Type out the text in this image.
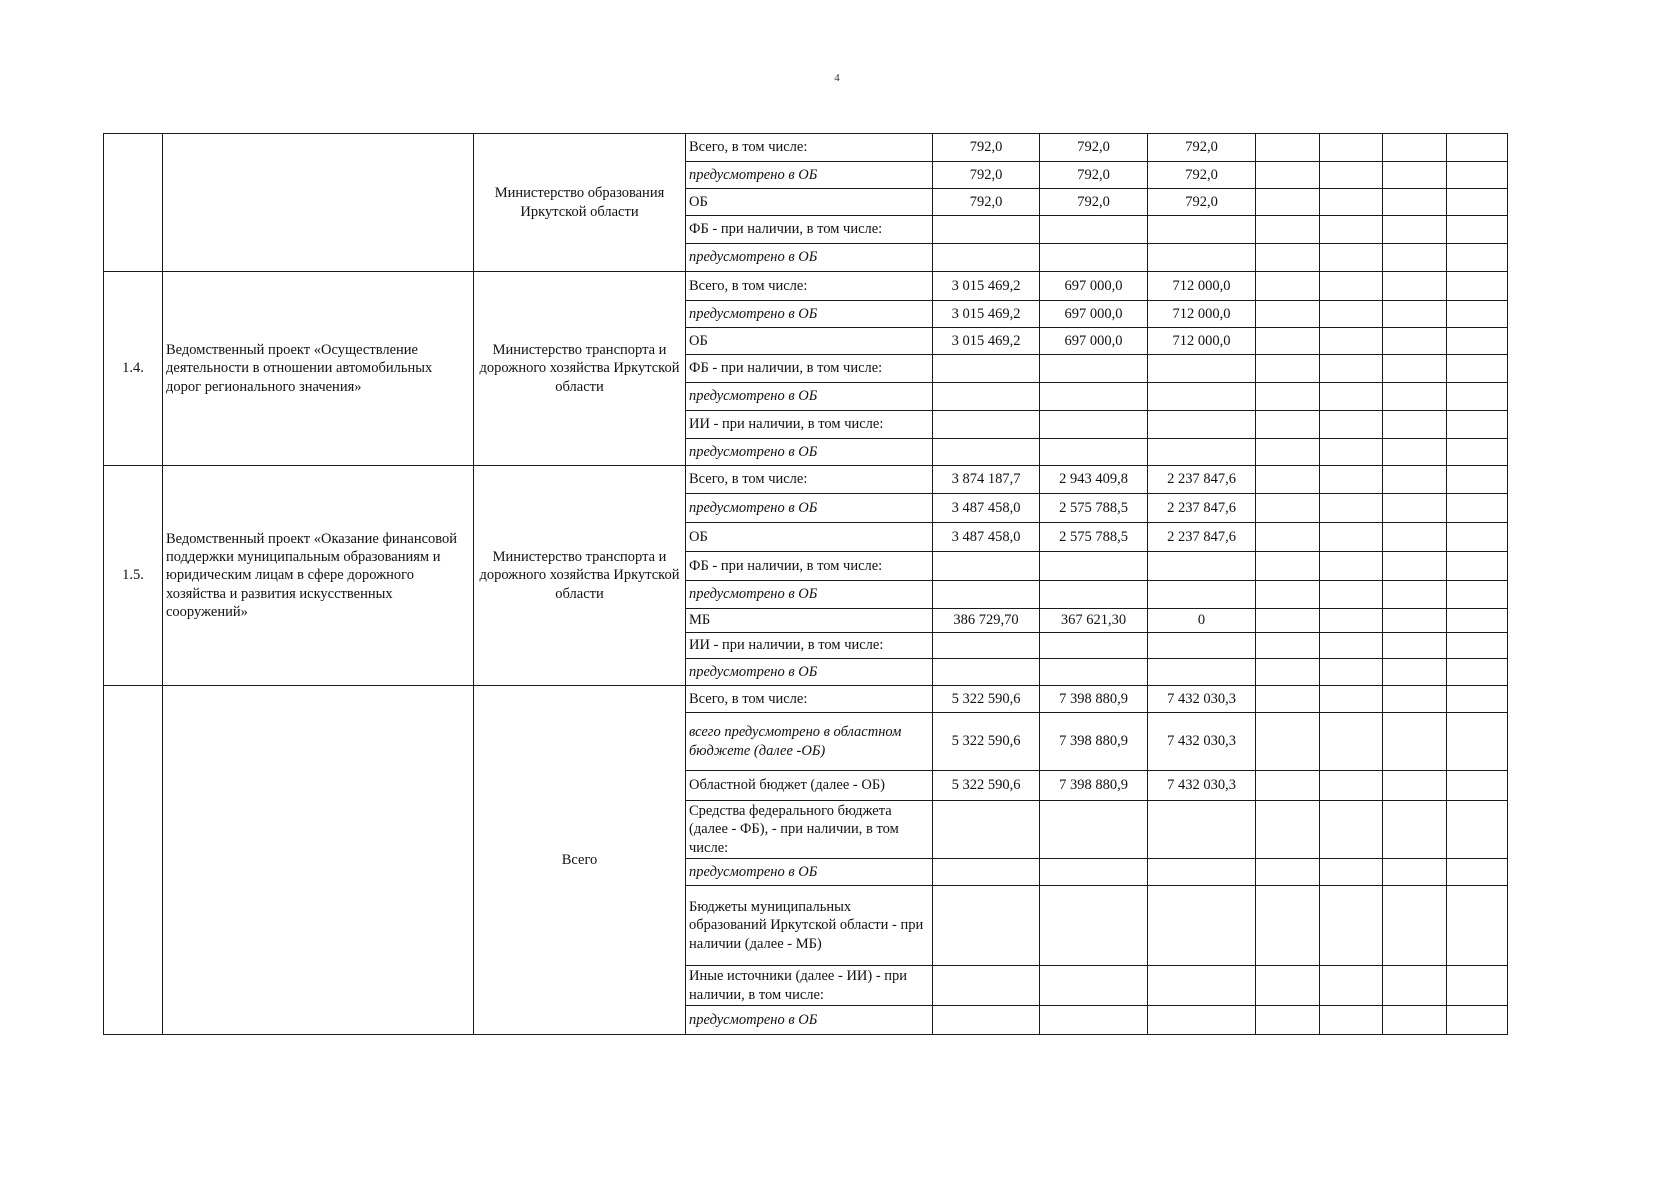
4
		Министерство образования Иркутской области	Всего, в том числе:	792,0	792,0	792,0				
			предусмотрено в ОБ	792,0	792,0	792,0				
			ОБ	792,0	792,0	792,0				
			ФБ - при наличии, в том числе:							
			предусмотрено в ОБ							
1.4.	Ведомственный проект «Осуществление деятельности в отношении автомобильных дорог регионального значения»	Министерство транспорта и дорожного хозяйства Иркутской области	Всего, в том числе:	3 015 469,2	697 000,0	712 000,0				
			предусмотрено в ОБ	3 015 469,2	697 000,0	712 000,0				
			ОБ	3 015 469,2	697 000,0	712 000,0				
			ФБ - при наличии, в том числе:							
			предусмотрено в ОБ							
			ИИ - при наличии, в том числе:							
			предусмотрено в ОБ							
1.5.	Ведомственный проект «Оказание финансовой поддержки муниципальным образованиям и юридическим лицам в сфере дорожного хозяйства и развития искусственных сооружений»	Министерство транспорта и дорожного хозяйства Иркутской области	Всего, в том числе:	3 874 187,7	2 943 409,8	2 237 847,6				
			предусмотрено в ОБ	3 487 458,0	2 575 788,5	2 237 847,6				
			ОБ	3 487 458,0	2 575 788,5	2 237 847,6				
			ФБ - при наличии, в том числе:							
			предусмотрено в ОБ							
			МБ	386 729,70	367 621,30	0				
			ИИ - при наличии, в том числе:							
			предусмотрено в ОБ							
		Всего	Всего, в том числе:	5 322 590,6	7 398 880,9	7 432 030,3				
			всего предусмотрено в областном бюджете (далее -ОБ)	5 322 590,6	7 398 880,9	7 432 030,3				
			Областной бюджет (далее - ОБ)	5 322 590,6	7 398 880,9	7 432 030,3				
			Средства федерального бюджета (далее - ФБ), - при наличии, в том числе:							
			предусмотрено в ОБ							
			Бюджеты муниципальных образований Иркутской области - при наличии (далее - МБ)							
			Иные источники (далее - ИИ) - при наличии, в том числе:							
			предусмотрено в ОБ							
